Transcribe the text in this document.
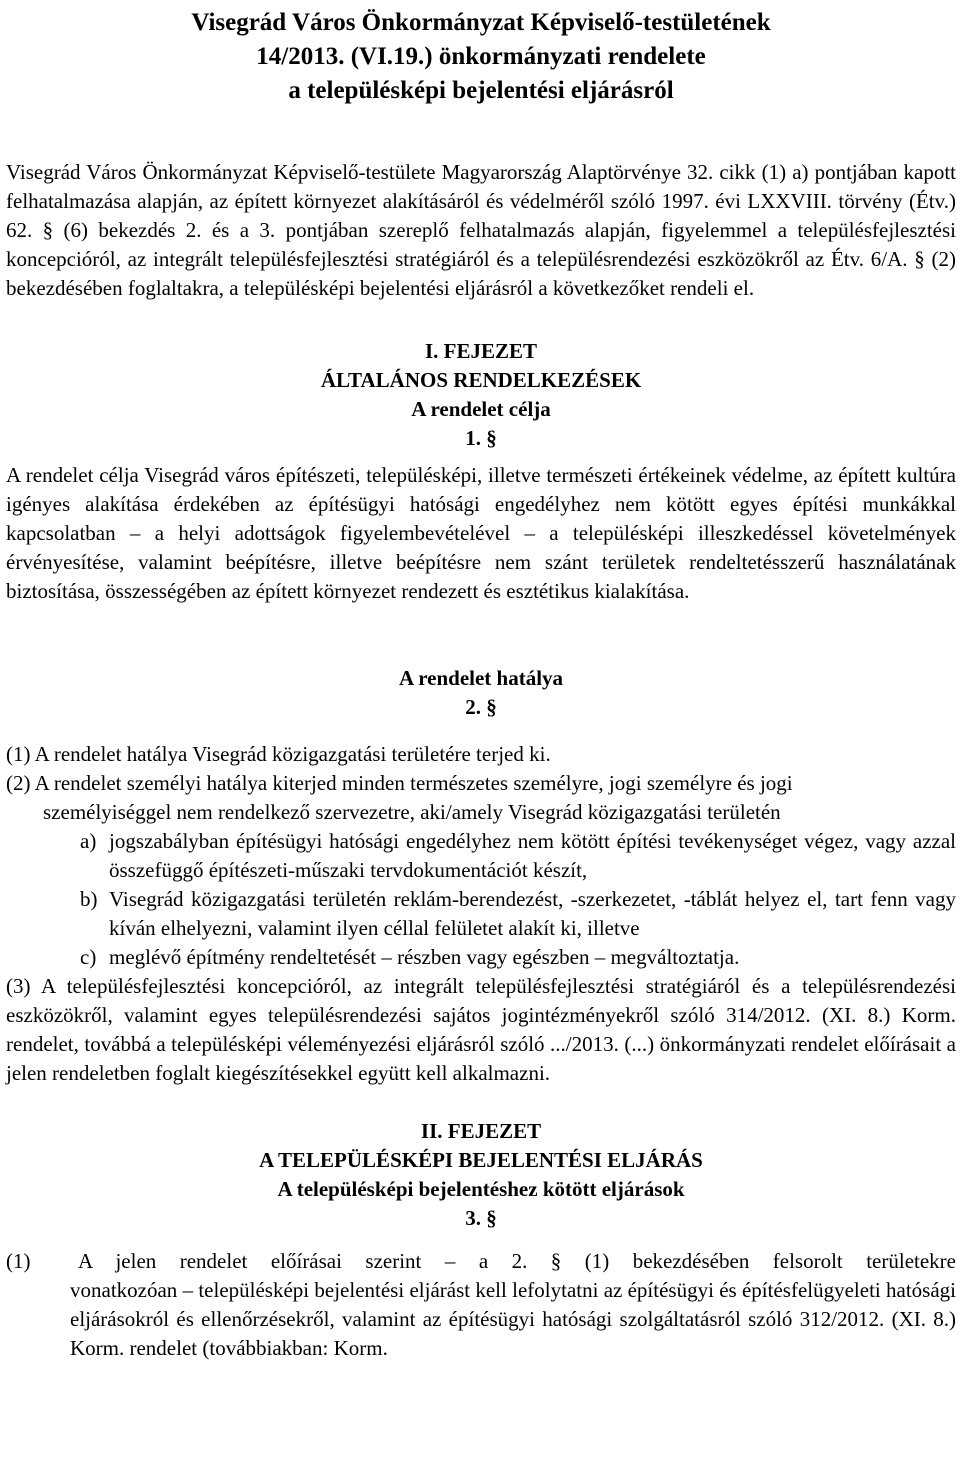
Visegrád Város Önkormányzat Képviselő-testületének

14/2013. (VI.19.) önkormányzati rendelete

a településképi bejelentési eljárásról

Visegrád Város Önkormányzat Képviselő-testülete Magyarország Alaptörvénye 32. cikk (1) a) pontjában kapott felhatalmazása alapján, az épített környezet alakításáról és védelméről szóló 1997. évi LXXVIII. törvény (Étv.) 62. § (6) bekezdés 2. és a 3. pontjában szereplő felhatalmazás alapján, figyelemmel a településfejlesztési koncepcióról, az integrált településfejlesztési stratégiáról és a településrendezési eszközökről az Étv. 6/A. § (2) bekezdésében foglaltakra, a településképi bejelentési eljárásról a következőket rendeli el.

I. FEJEZET

ÁLTALÁNOS RENDELKEZÉSEK

A rendelet célja

1. §

A rendelet célja Visegrád város építészeti, településképi, illetve természeti értékeinek védelme, az épített kultúra igényes alakítása érdekében az építésügyi hatósági engedélyhez nem kötött egyes építési munkákkal kapcsolatban – a helyi adottságok figyelembevételével – a településképi illeszkedéssel követelmények érvényesítése, valamint beépítésre, illetve beépítésre nem szánt területek rendeltetésszerű használatának biztosítása, összességében az épített környezet rendezett és esztétikus kialakítása.

A rendelet hatálya

2. §

(1) A rendelet hatálya Visegrád közigazgatási területére terjed ki.

(2) A rendelet személyi hatálya kiterjed minden természetes személyre, jogi személyre és jogi

személyiséggel nem rendelkező szervezetre, aki/amely Visegrád közigazgatási területén

a) jogszabályban építésügyi hatósági engedélyhez nem kötött építési tevékenységet végez, vagy azzal összefüggő építészeti-műszaki tervdokumentációt készít,

b) Visegrád közigazgatási területén reklám-berendezést, -szerkezetet, -táblát helyez el, tart fenn vagy kíván elhelyezni, valamint ilyen céllal felületet alakít ki, illetve

c) meglévő építmény rendeltetését – részben vagy egészben – megváltoztatja.

(3) A településfejlesztési koncepcióról, az integrált településfejlesztési stratégiáról és a településrendezési eszközökről, valamint egyes településrendezési sajátos jogintézményekről szóló 314/2012. (XI. 8.) Korm. rendelet, továbbá a településképi véleményezési eljárásról szóló .../2013. (...) önkormányzati rendelet előírásait a jelen rendeletben foglalt kiegészítésekkel együtt kell alkalmazni.

II. FEJEZET

A TELEPÜLÉSKÉPI BEJELENTÉSI ELJÁRÁS

A településképi bejelentéshez kötött eljárások

3. §

(1) A jelen rendelet előírásai szerint – a 2. § (1) bekezdésében felsorolt területekre

vonatkozóan – településképi bejelentési eljárást kell lefolytatni az építésügyi és építésfelügyeleti hatósági eljárásokról és ellenőrzésekről, valamint az építésügyi hatósági szolgáltatásról szóló 312/2012. (XI. 8.) Korm. rendelet (továbbiakban: Korm.
